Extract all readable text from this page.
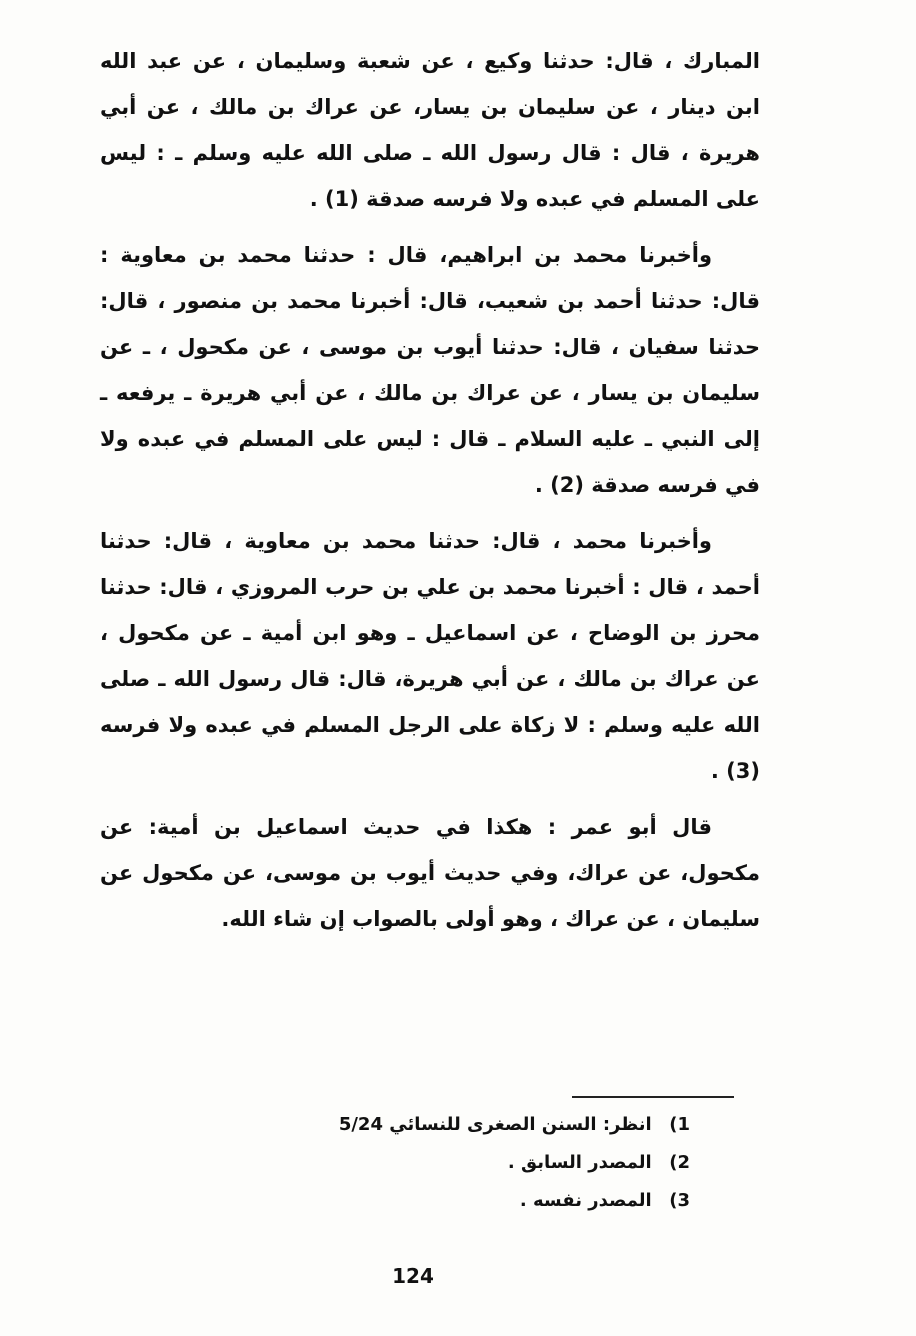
المبارك ، قال: حدثنا وكيع ، عن شعبة وسليمان ، عن عبد الله ابن دينار ، عن سليمان بن يسار، عن عراك بن مالك ، عن أبي هريرة ، قال : قال رسول الله ـ صلى الله عليه وسلم ـ : ليس على المسلم في عبده ولا فرسه صدقة (1) .

وأخبرنا محمد بن ابراهيم، قال : حدثنا محمد بن معاوية : قال: حدثنا أحمد بن شعيب، قال: أخبرنا محمد بن منصور ، قال: حدثنا سفيان ، قال: حدثنا أيوب بن موسى ، عن مكحول ، ـ عن سليمان بن يسار ، عن عراك بن مالك ، عن أبي هريرة ـ يرفعه ـ إلى النبي ـ عليه السلام ـ قال : ليس على المسلم في عبده ولا في فرسه صدقة (2) .

وأخبرنا محمد ، قال: حدثنا محمد بن معاوية ، قال: حدثنا أحمد ، قال : أخبرنا محمد بن علي بن حرب المروزي ، قال: حدثنا محرز بن الوضاح ، عن اسماعيل ـ وهو ابن أمية ـ عن مكحول ، عن عراك بن مالك ، عن أبي هريرة، قال: قال رسول الله ـ صلى الله عليه وسلم : لا زكاة على الرجل المسلم في عبده ولا فرسه (3) .

قال أبو عمر : هكذا في حديث اسماعيل بن أمية: عن مكحول، عن عراك، وفي حديث أيوب بن موسى، عن مكحول عن سليمان ، عن عراك ، وهو أولى بالصواب إن شاء الله.

1) انظر: السنن الصغرى للنسائي 5/24
2) المصدر السابق .
3) المصدر نفسه .
124
